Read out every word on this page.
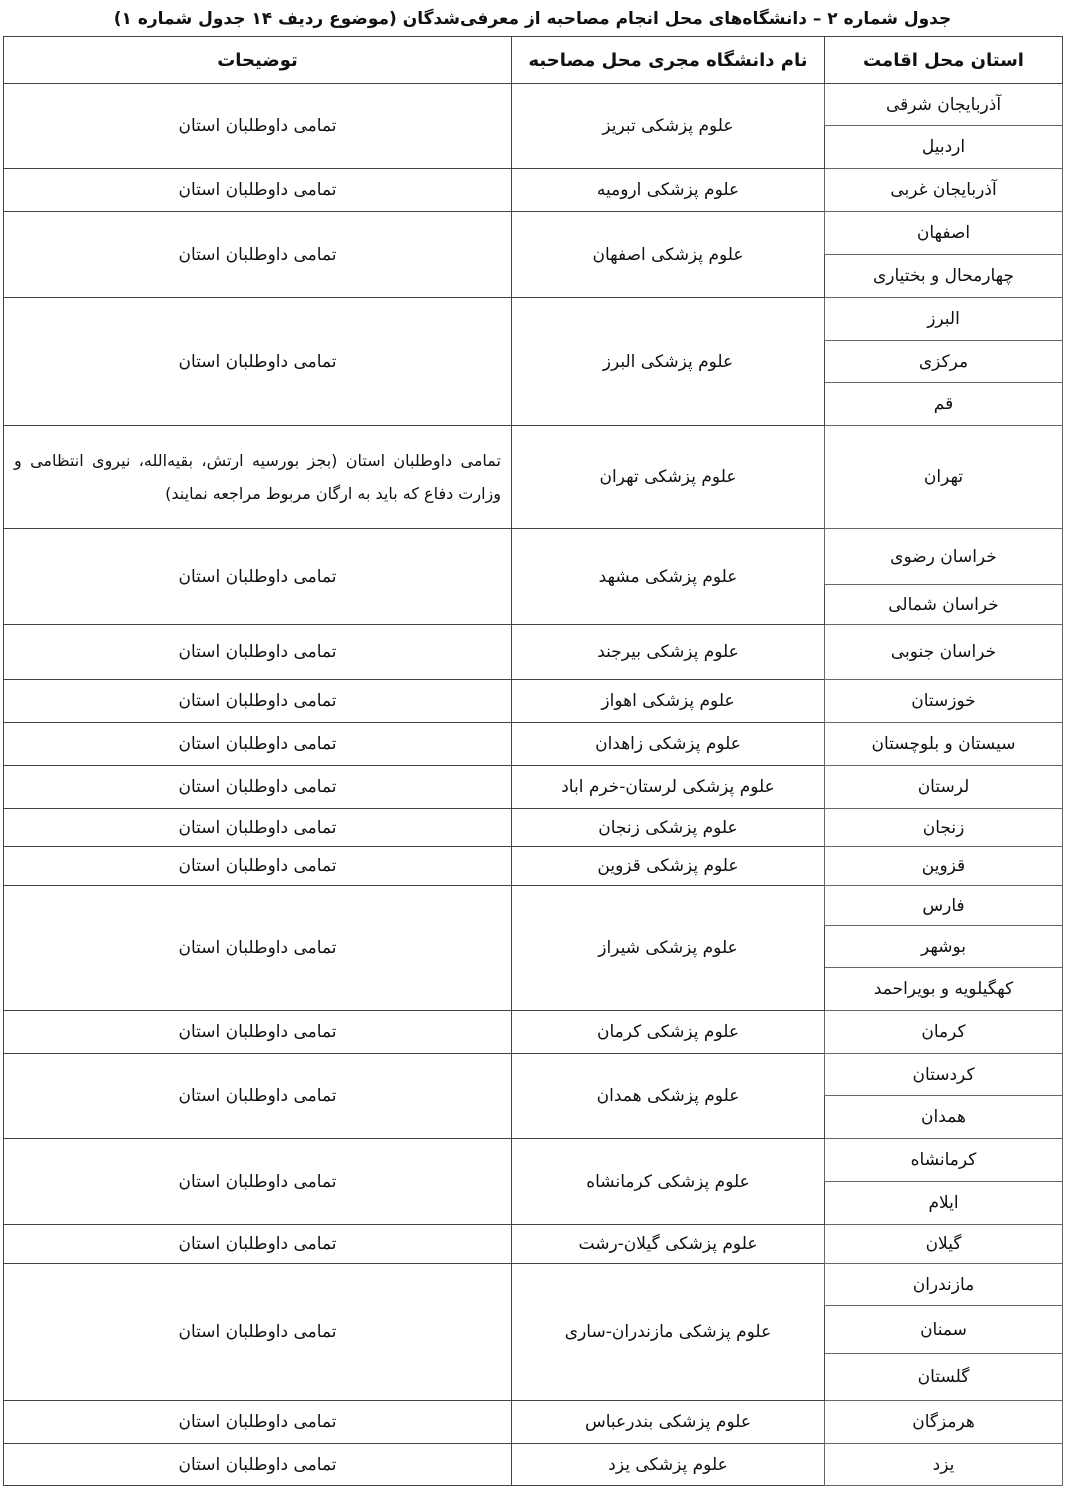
جدول شماره ۲ – دانشگاه‌های محل انجام مصاحبه از معرفی‌شدگان (موضوع ردیف ۱۴ جدول شماره ۱)
استان محل اقامت	نام دانشگاه مجری محل مصاحبه	توضیحات
آذربایجان شرقی	علوم پزشکی تبریز	تمامی داوطلبان استان
اردبیل		
آذربایجان غربی	علوم پزشکی ارومیه	تمامی داوطلبان استان
اصفهان	علوم پزشکی اصفهان	تمامی داوطلبان استان
چهارمحال و بختیاری		
البرز	علوم پزشکی البرز	تمامی داوطلبان استان
مرکزی		
قم		
تهران	علوم پزشکی تهران	تمامی داوطلبان استان (بجز بورسیه ارتش، بقیه‌الله، نیروی انتظامی و وزارت دفاع که باید به ارگان مربوط مراجعه نمایند)
خراسان رضوی	علوم پزشکی مشهد	تمامی داوطلبان استان
خراسان شمالی		
خراسان جنوبی	علوم پزشکی بیرجند	تمامی داوطلبان استان
خوزستان	علوم پزشکی اهواز	تمامی داوطلبان استان
سیستان و بلوچستان	علوم پزشکی زاهدان	تمامی داوطلبان استان
لرستان	علوم پزشکی لرستان-خرم اباد	تمامی داوطلبان استان
زنجان	علوم پزشکی زنجان	تمامی داوطلبان استان
قزوین	علوم پزشکی قزوین	تمامی داوطلبان استان
فارس	علوم پزشکی شیراز	تمامی داوطلبان استان
بوشهر		
کهگیلویه و بویراحمد		
کرمان	علوم پزشکی کرمان	تمامی داوطلبان استان
کردستان	علوم پزشکی همدان	تمامی داوطلبان استان
همدان		
کرمانشاه	علوم پزشکی کرمانشاه	تمامی داوطلبان استان
ایلام		
گیلان	علوم پزشکی گیلان-رشت	تمامی داوطلبان استان
مازندران	علوم پزشکی مازندران-ساری	تمامی داوطلبان استان
سمنان		
گلستان		
هرمزگان	علوم پزشکی بندرعباس	تمامی داوطلبان استان
یزد	علوم پزشکی یزد	تمامی داوطلبان استان
